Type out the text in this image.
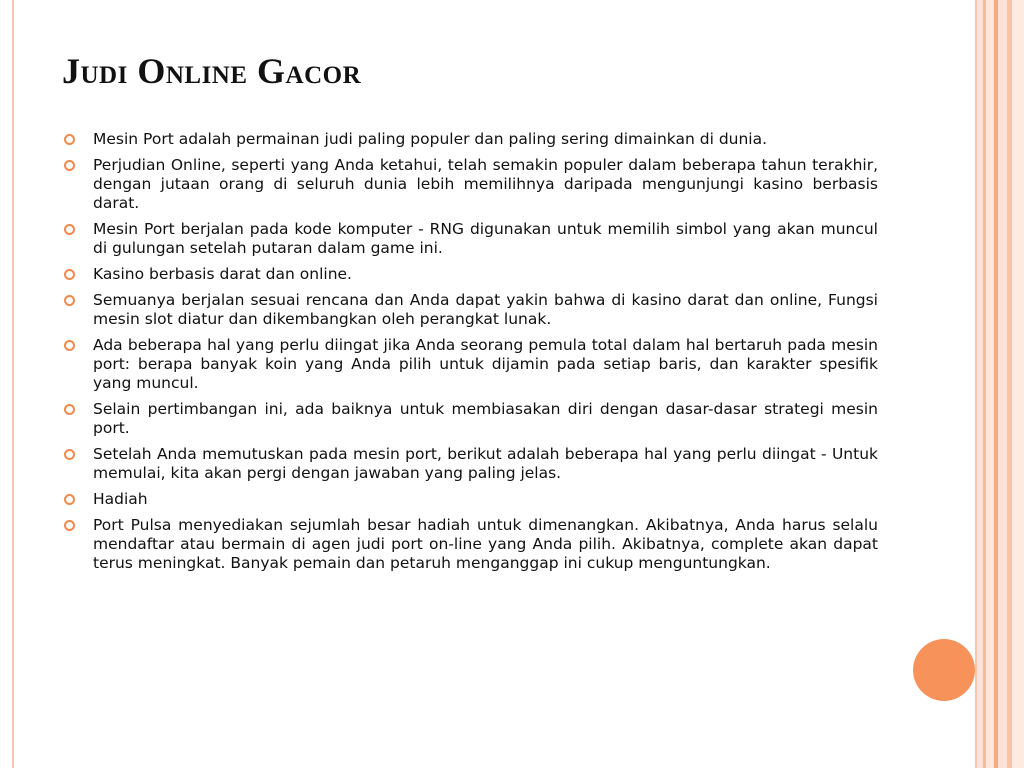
Judi Online Gacor
Mesin Port adalah permainan judi paling populer dan paling sering dimainkan di dunia.
Perjudian Online, seperti yang Anda ketahui, telah semakin populer dalam beberapa tahun terakhir, dengan jutaan orang di seluruh dunia lebih memilihnya daripada mengunjungi kasino berbasis darat.
Mesin Port berjalan pada kode komputer - RNG digunakan untuk memilih simbol yang akan muncul di gulungan setelah putaran dalam game ini.
Kasino berbasis darat dan online.
Semuanya berjalan sesuai rencana dan Anda dapat yakin bahwa di kasino darat dan online, Fungsi mesin slot diatur dan dikembangkan oleh perangkat lunak.
Ada beberapa hal yang perlu diingat jika Anda seorang pemula total dalam hal bertaruh pada mesin port: berapa banyak koin yang Anda pilih untuk dijamin pada setiap baris, dan karakter spesifik yang muncul.
Selain pertimbangan ini, ada baiknya untuk membiasakan diri dengan dasar-dasar strategi mesin port.
Setelah Anda memutuskan pada mesin port, berikut adalah beberapa hal yang perlu diingat - Untuk memulai, kita akan pergi dengan jawaban yang paling jelas.
Hadiah
Port Pulsa menyediakan sejumlah besar hadiah untuk dimenangkan. Akibatnya, Anda harus selalu mendaftar atau bermain di agen judi port on-line yang Anda pilih. Akibatnya, complete akan dapat terus meningkat. Banyak pemain dan petaruh menganggap ini cukup menguntungkan.
